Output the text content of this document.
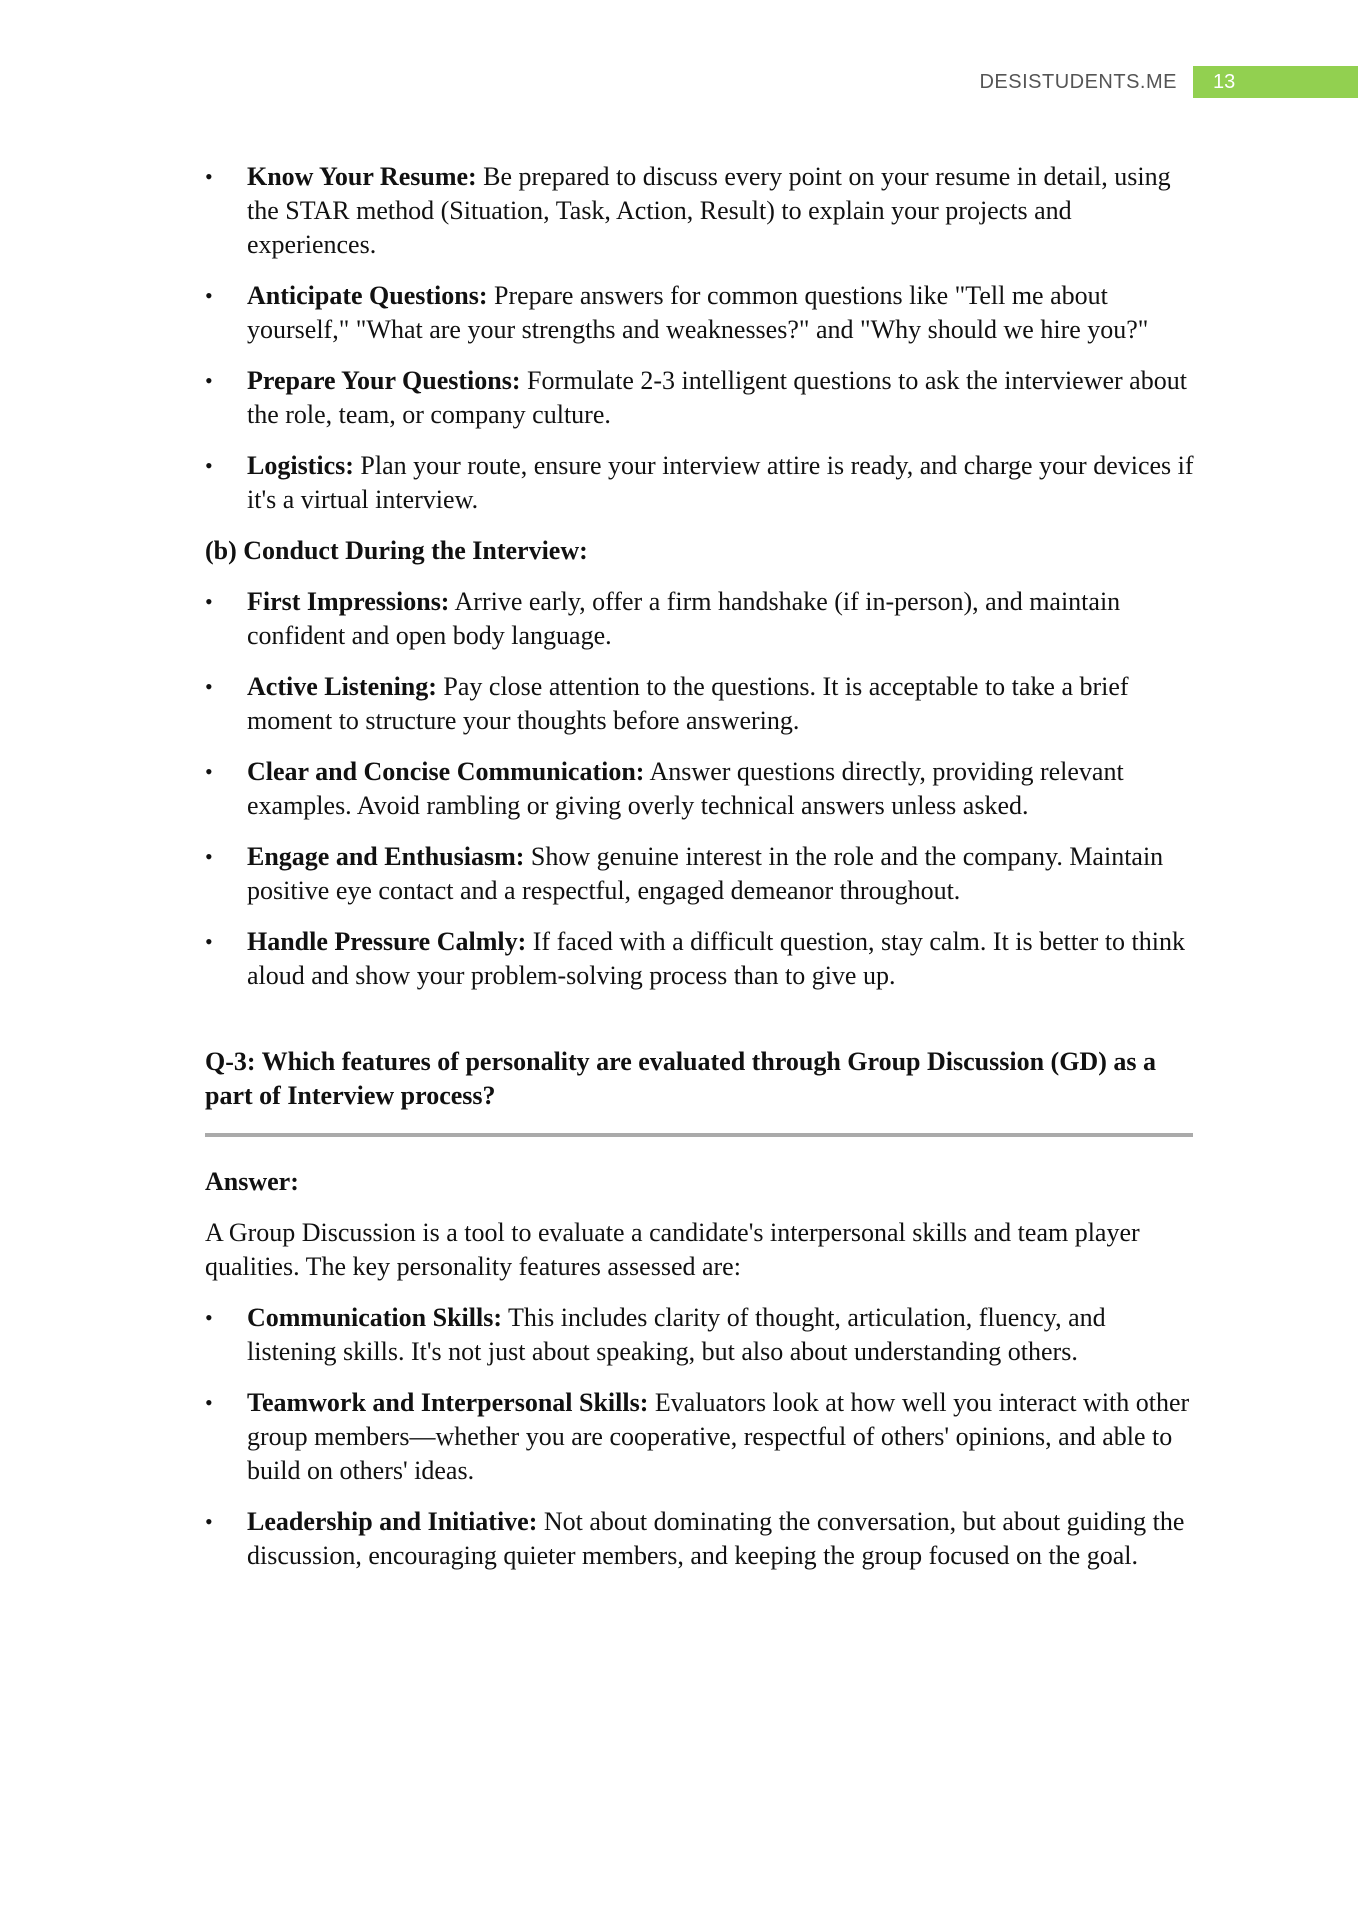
DESISTUDENTS.ME	13
• Know Your Resume: Be prepared to discuss every point on your resume in detail, using the STAR method (Situation, Task, Action, Result) to explain your projects and experiences.
• Anticipate Questions: Prepare answers for common questions like "Tell me about yourself," "What are your strengths and weaknesses?" and "Why should we hire you?"
• Prepare Your Questions: Formulate 2-3 intelligent questions to ask the interviewer about the role, team, or company culture.
• Logistics: Plan your route, ensure your interview attire is ready, and charge your devices if it's a virtual interview.

(b) Conduct During the Interview:

• First Impressions: Arrive early, offer a firm handshake (if in-person), and maintain confident and open body language.
• Active Listening: Pay close attention to the questions. It is acceptable to take a brief moment to structure your thoughts before answering.
• Clear and Concise Communication: Answer questions directly, providing relevant examples. Avoid rambling or giving overly technical answers unless asked.
• Engage and Enthusiasm: Show genuine interest in the role and the company. Maintain positive eye contact and a respectful, engaged demeanor throughout.
• Handle Pressure Calmly: If faced with a difficult question, stay calm. It is better to think aloud and show your problem-solving process than to give up.

Q-3: Which features of personality are evaluated through Group Discussion (GD) as a part of Interview process?

Answer:

A Group Discussion is a tool to evaluate a candidate's interpersonal skills and team player qualities. The key personality features assessed are:

• Communication Skills: This includes clarity of thought, articulation, fluency, and listening skills. It's not just about speaking, but also about understanding others.
• Teamwork and Interpersonal Skills: Evaluators look at how well you interact with other group members—whether you are cooperative, respectful of others' opinions, and able to build on others' ideas.
• Leadership and Initiative: Not about dominating the conversation, but about guiding the discussion, encouraging quieter members, and keeping the group focused on the goal.
